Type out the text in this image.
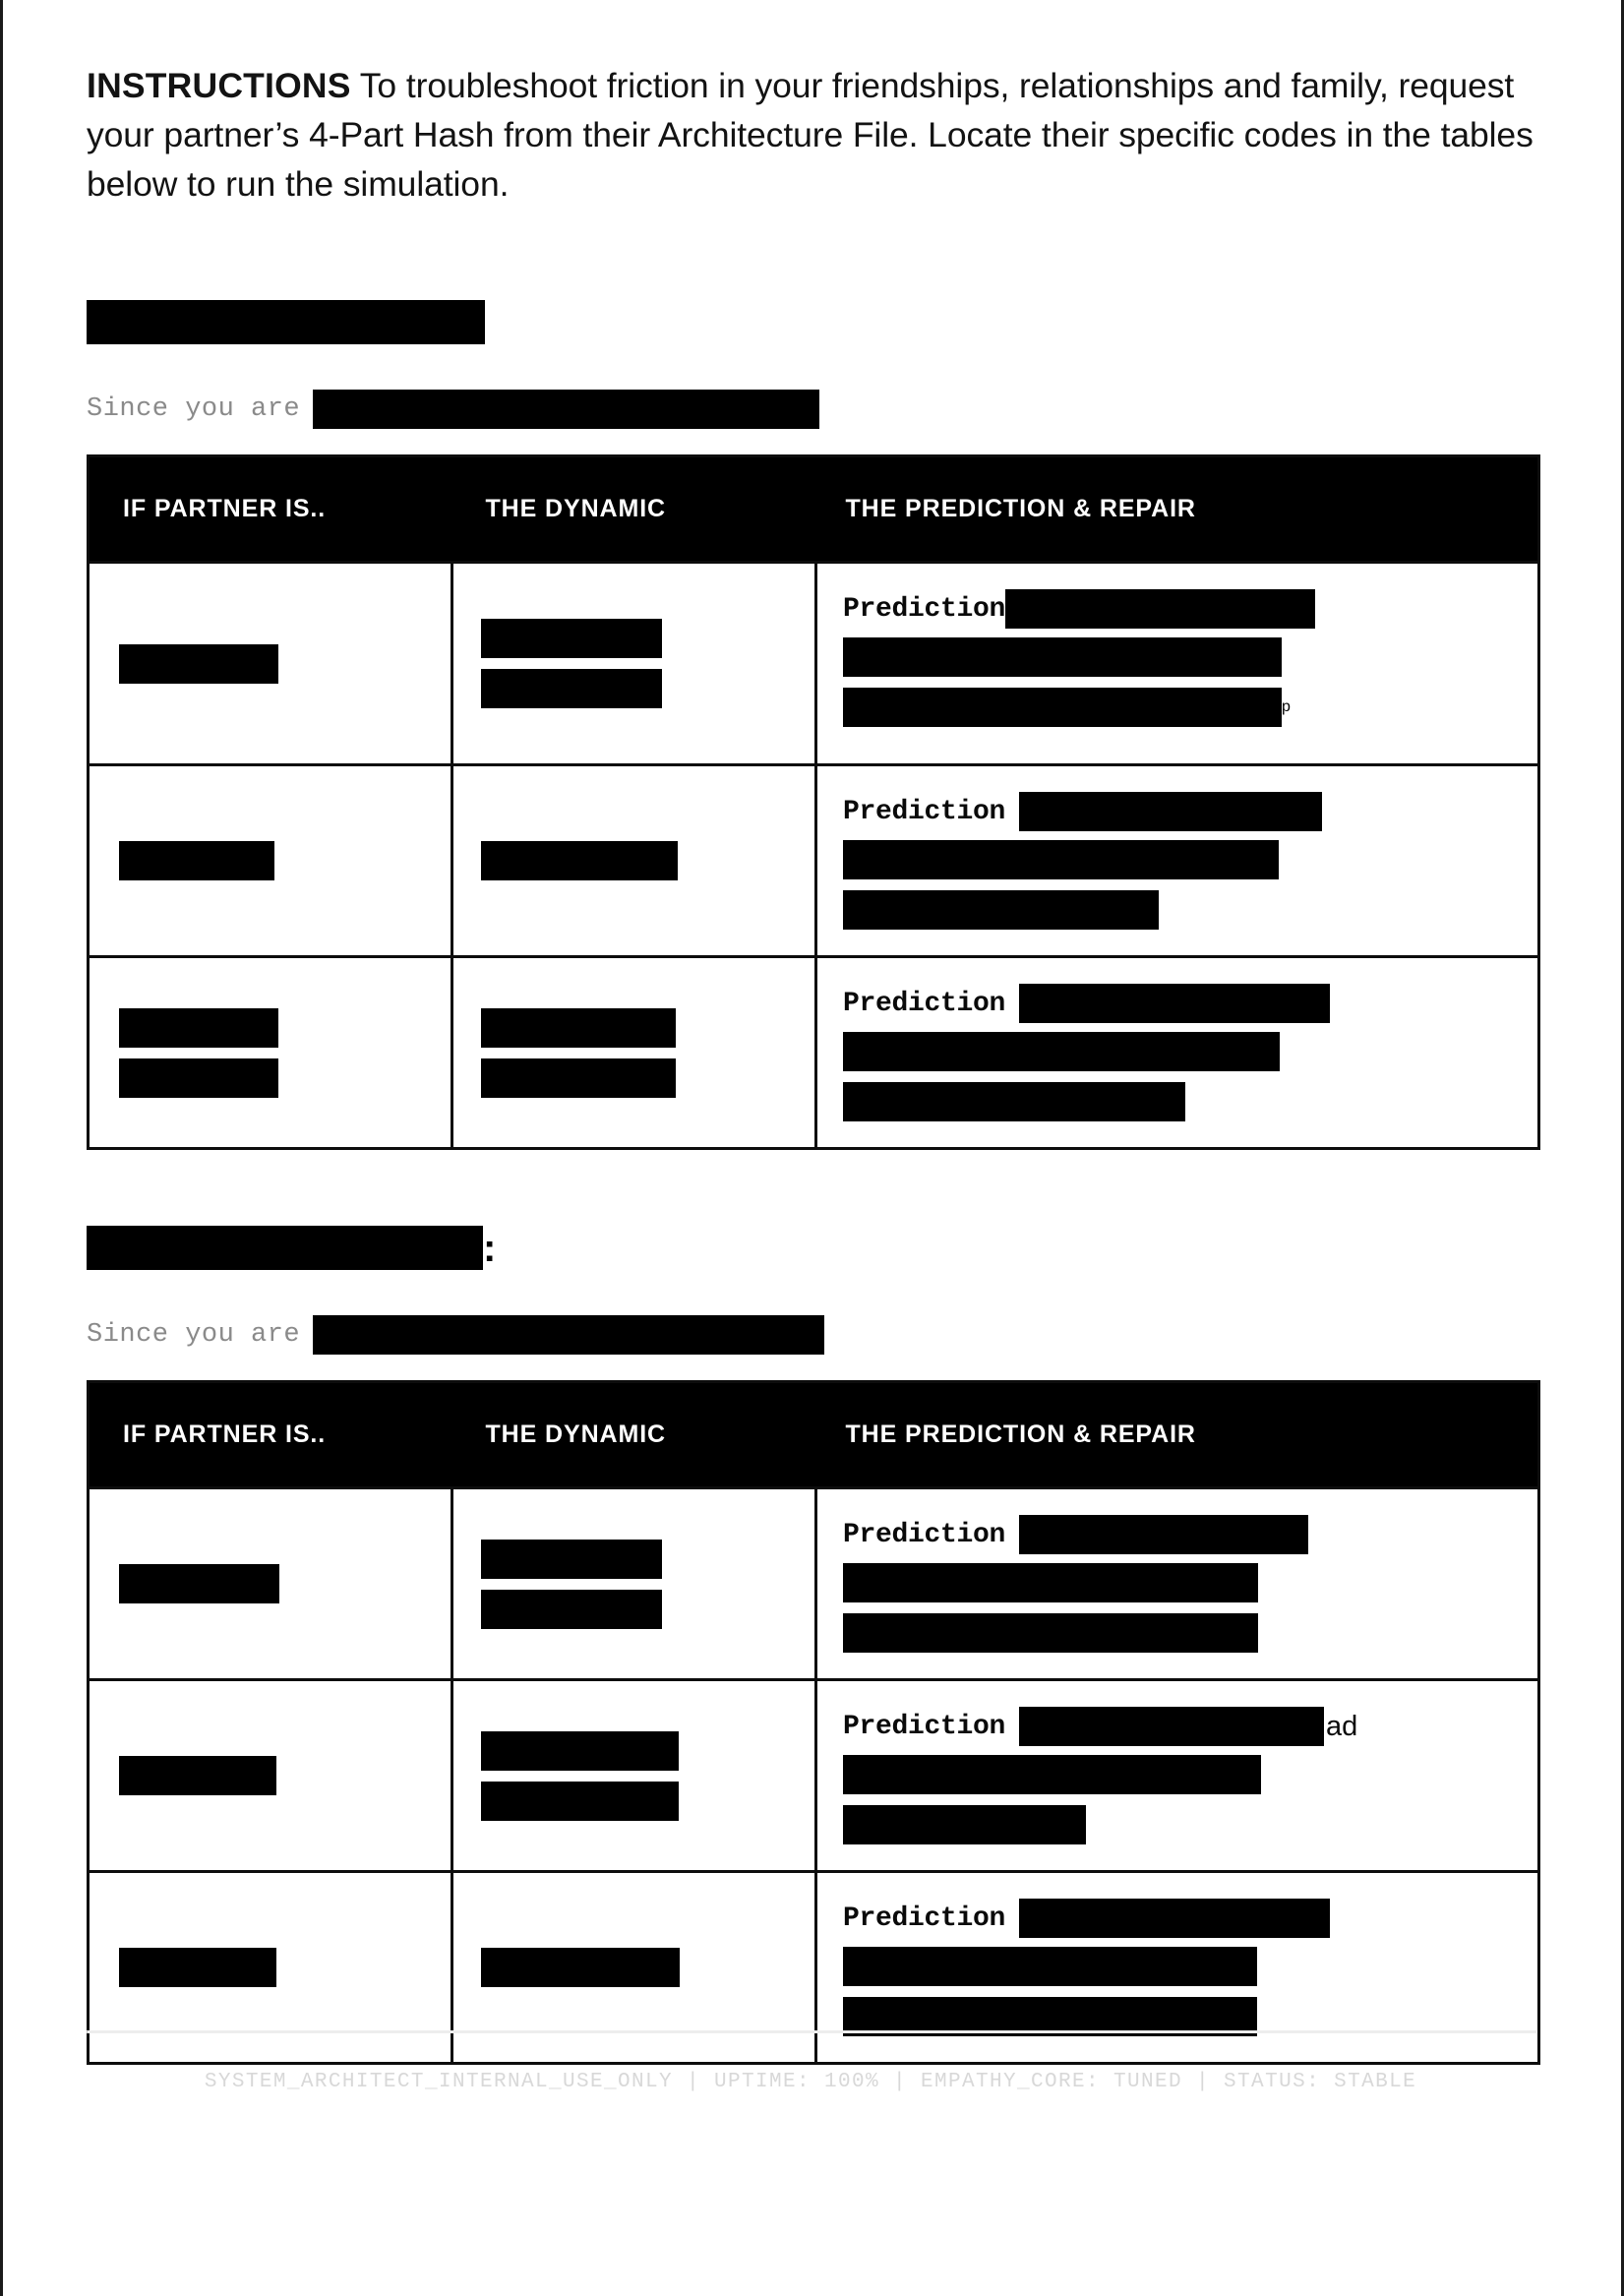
INSTRUCTIONS To troubleshoot friction in your friendships, relationships and family, request your partner’s 4-Part Hash from their Architecture File. Locate their specific codes in the tables below to run the simulation.

Since you are
IF PARTNER IS..	THE DYNAMIC	THE PREDICTION & REPAIR

		Prediction
p

		Prediction

		Prediction
:
Since you are
IF PARTNER IS..	THE DYNAMIC	THE PREDICTION & REPAIR

		Prediction

		Prediction ad

		Prediction
SYSTEM_ARCHITECT_INTERNAL_USE_ONLY | UPTIME: 100% | EMPATHY_CORE: TUNED | STATUS: STABLE
